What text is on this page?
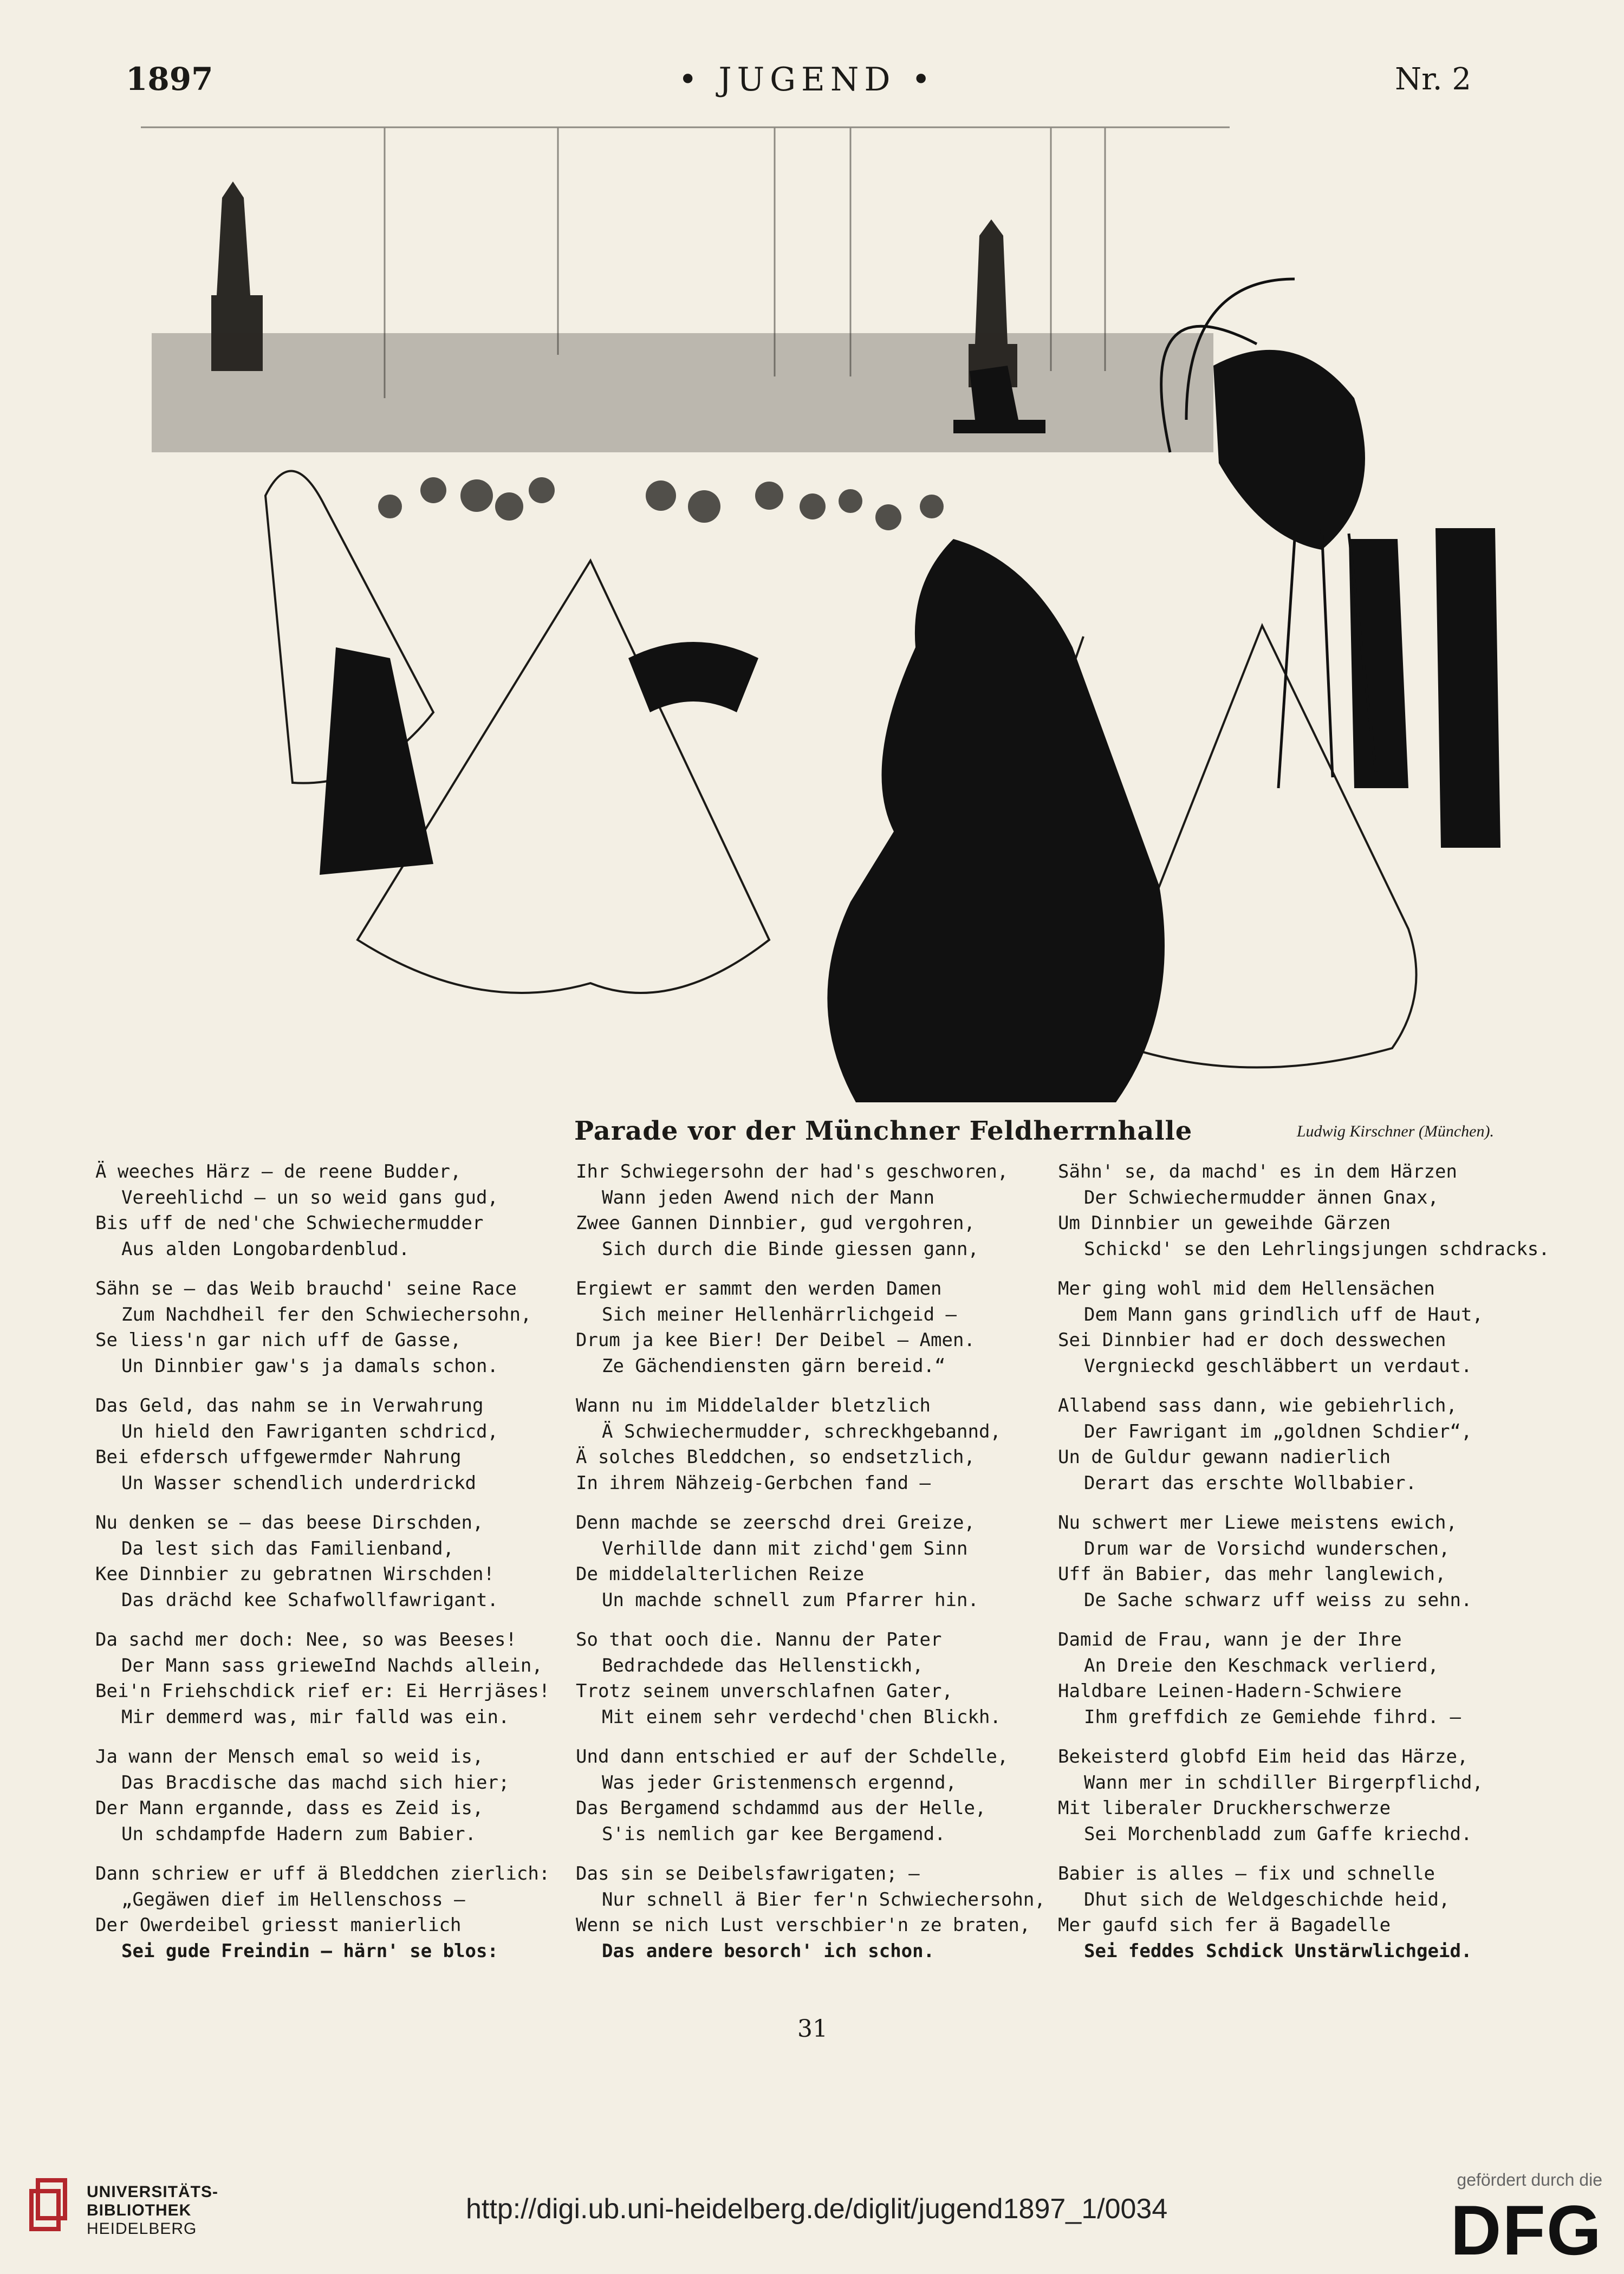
1897	• JUGEND •	Nr. 2
Parade vor der Münchner Feldherrnhalle	Ludwig Kirschner (München).
Ä weeches Härz — de reene Budder,
Vereehlichd — un so weid gans gud,
Bis uff de ned'che Schwiechermudder
Aus alden Longobardenblud.
Sähn se — das Weib brauchd' seine Race
Zum Nachdheil fer den Schwiechersohn,
Se liess'n gar nich uff de Gasse,
Un Dinnbier gaw's ja damals schon.
Das Geld, das nahm se in Verwahrung
Un hield den Fawriganten schdricd,
Bei efdersch uffgewermder Nahrung
Un Wasser schendlich underdrickd
Nu denken se — das beese Dirschden,
Da lest sich das Familienband,
Kee Dinnbier zu gebratnen Wirschden!
Das drächd kee Schafwollfawrigant.
Da sachd mer doch: Nee, so was Beeses!
Der Mann sass grieweInd Nachds allein,
Bei'n Friehschdick rief er: Ei Herrjäses!
Mir demmerd was, mir falld was ein.
Ja wann der Mensch emal so weid is,
Das Bracdische das machd sich hier;
Der Mann ergannde, dass es Zeid is,
Un schdampfde Hadern zum Babier.
Dann schriew er uff ä Bleddchen zierlich:
„Gegäwen dief im Hellenschoss —
Der Owerdeibel griesst manierlich
Sei gude Freindin — härn' se blos:
Ihr Schwiegersohn der had's geschworen,
Wann jeden Awend nich der Mann
Zwee Gannen Dinnbier, gud vergohren,
Sich durch die Binde giessen gann,
Ergiewt er sammt den werden Damen
Sich meiner Hellenhärrlichgeid —
Drum ja kee Bier! Der Deibel — Amen.
Ze Gächendiensten gärn bereid.“
Wann nu im Middelalder bletzlich
Ä Schwiechermudder, schreckhgebannd,
Ä solches Bleddchen, so endsetzlich,
In ihrem Nähzeig-Gerbchen fand —
Denn machde se zeerschd drei Greize,
Verhillde dann mit zichd'gem Sinn
De middelalterlichen Reize
Un machde schnell zum Pfarrer hin.
So that ooch die. Nannu der Pater
Bedrachdede das Hellenstickh,
Trotz seinem unverschlafnen Gater,
Mit einem sehr verdechd'chen Blickh.
Und dann entschied er auf der Schdelle,
Was jeder Gristenmensch ergennd,
Das Bergamend schdammd aus der Helle,
S'is nemlich gar kee Bergamend.
Das sin se Deibelsfawrigaten; —
Nur schnell ä Bier fer'n Schwiechersohn,
Wenn se nich Lust verschbier'n ze braten,
Das andere besorch' ich schon.
Sähn' se, da machd' es in dem Härzen
Der Schwiechermudder ännen Gnax,
Um Dinnbier un geweihde Gärzen
Schickd' se den Lehrlingsjungen schdracks.
Mer ging wohl mid dem Hellensächen
Dem Mann gans grindlich uff de Haut,
Sei Dinnbier had er doch desswechen
Vergnieckd geschläbbert un verdaut.
Allabend sass dann, wie gebiehrlich,
Der Fawrigant im „goldnen Schdier“,
Un de Guldur gewann nadierlich
Derart das erschte Wollbabier.
Nu schwert mer Liewe meistens ewich,
Drum war de Vorsichd wunderschen,
Uff än Babier, das mehr langlewich,
De Sache schwarz uff weiss zu sehn.
Damid de Frau, wann je der Ihre
An Dreie den Keschmack verlierd,
Haldbare Leinen-Hadern-Schwiere
Ihm greffdich ze Gemiehde fihrd. —
Bekeisterd globfd Eim heid das Härze,
Wann mer in schdiller Birgerpflichd,
Mit liberaler Druckherschwerze
Sei Morchenbladd zum Gaffe kriechd.
Babier is alles — fix und schnelle
Dhut sich de Weldgeschichde heid,
Mer gaufd sich fer ä Bagadelle
Sei feddes Schdick Unstärwlichgeid.
31
UNIVERSITÄTS-
BIBLIOTHEK
HEIDELBERG
http://digi.ub.uni-heidelberg.de/diglit/jugend1897_1/0034
gefördert durch die
DFG
